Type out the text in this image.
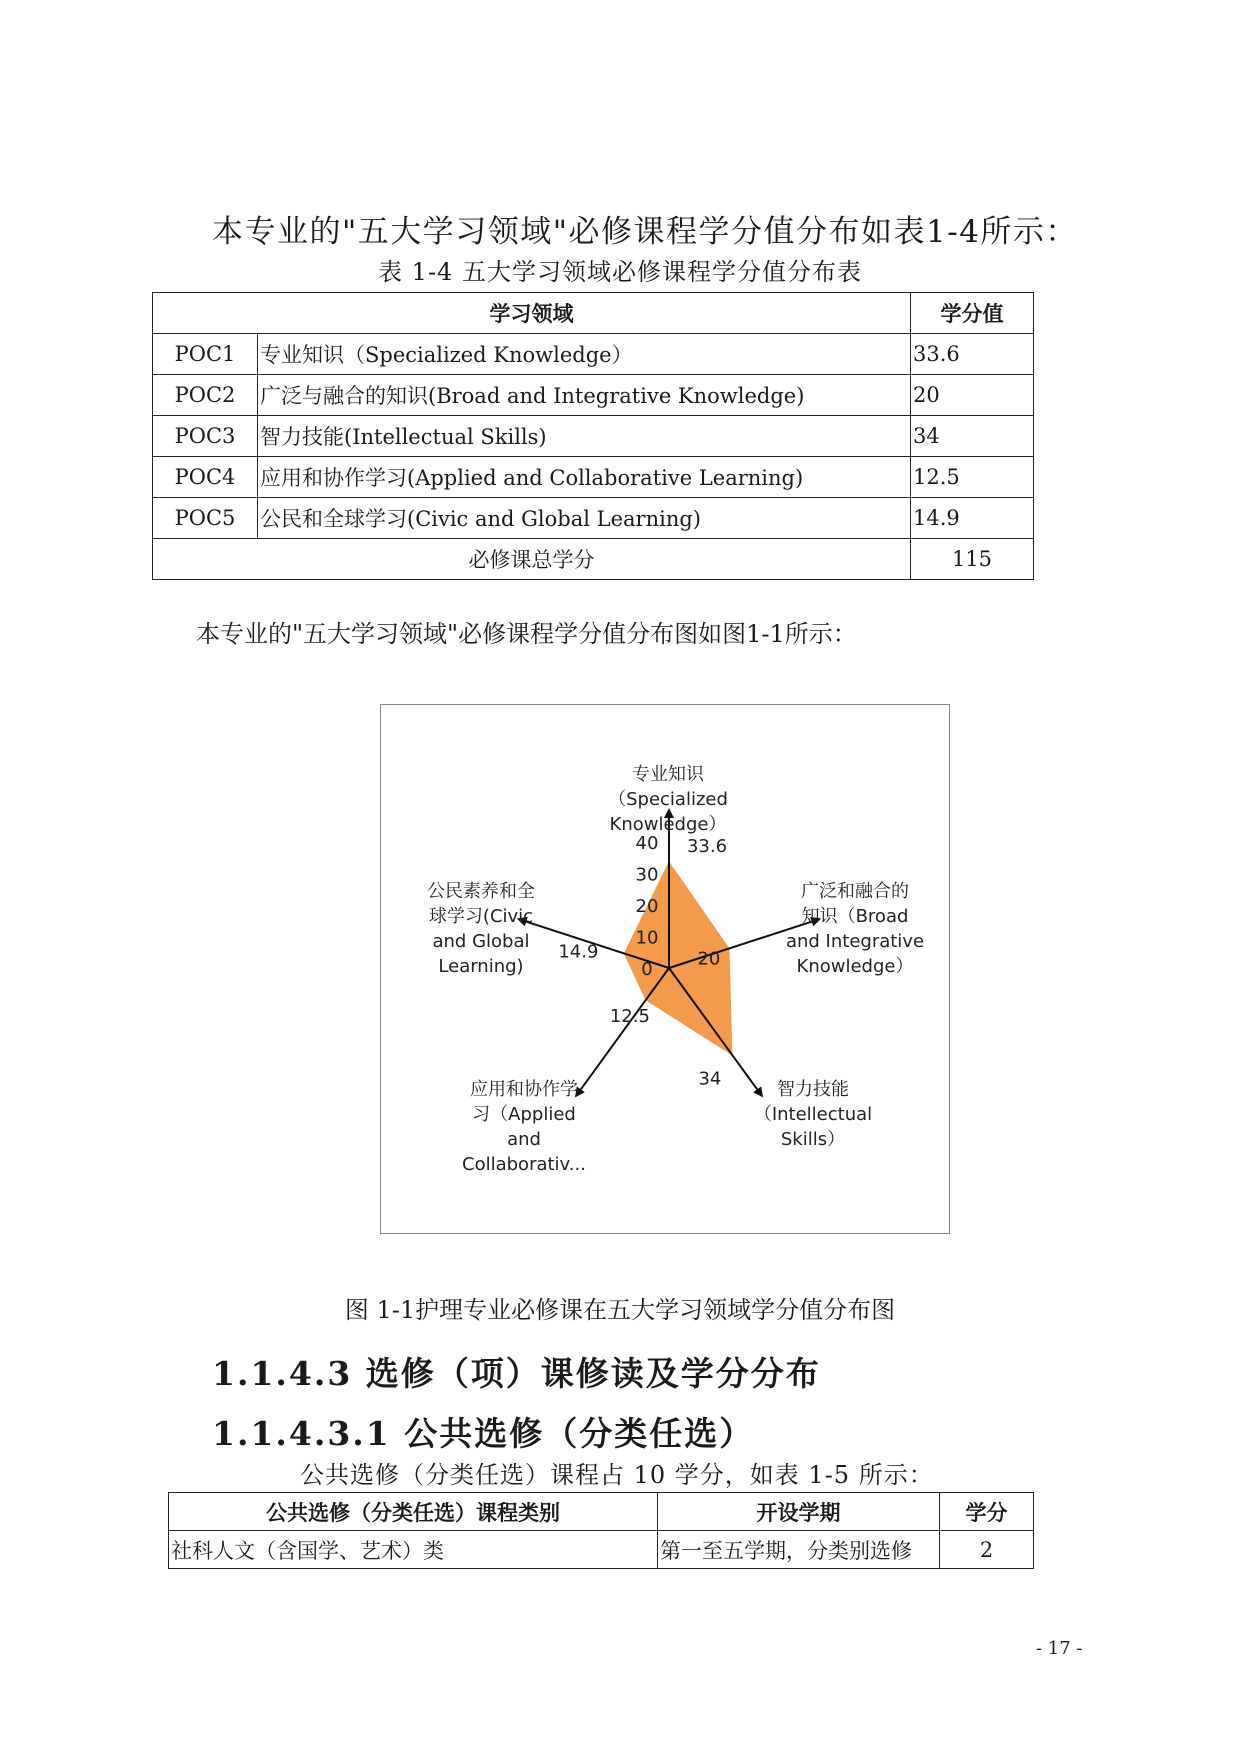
本专业的"五大学习领域"必修课程学分值分布如表1-4所示：
表 1-4 五大学习领域必修课程学分值分布表
学习领域		学分值
POC1	专业知识（Specialized Knowledge）	33.6
POC2	广泛与融合的知识(Broad and Integrative Knowledge)	20
POC3	智力技能(Intellectual Skills)	34
POC4	应用和协作学习(Applied and Collaborative Learning)	12.5
POC5	公民和全球学习(Civic and Global Learning)	14.9
必修课总学分		115
本专业的"五大学习领域"必修课程学分值分布图如图1-1所示：
0
10
20
30
40 33.6
20
34
12.5
14.9
专业知识
（Specialized
Knowledge）
广泛和融合的
知识（Broad
and Integrative
Knowledge）
智力技能
（Intellectual
Skills）
应用和协作学
习（Applied
and
Collaborativ...
公民素养和全
球学习(Civic
and Global
Learning)
图 1-1护理专业必修课在五大学习领域学分值分布图
1.1.4.3 选修（项）课修读及学分分布
1.1.4.3.1 公共选修（分类任选）
公共选修（分类任选）课程占 10 学分，如表 1-5 所示：
公共选修（分类任选）课程类别	开设学期	学分
社科人文（含国学、艺术）类	第一至五学期，分类别选修	2
- 17 -
